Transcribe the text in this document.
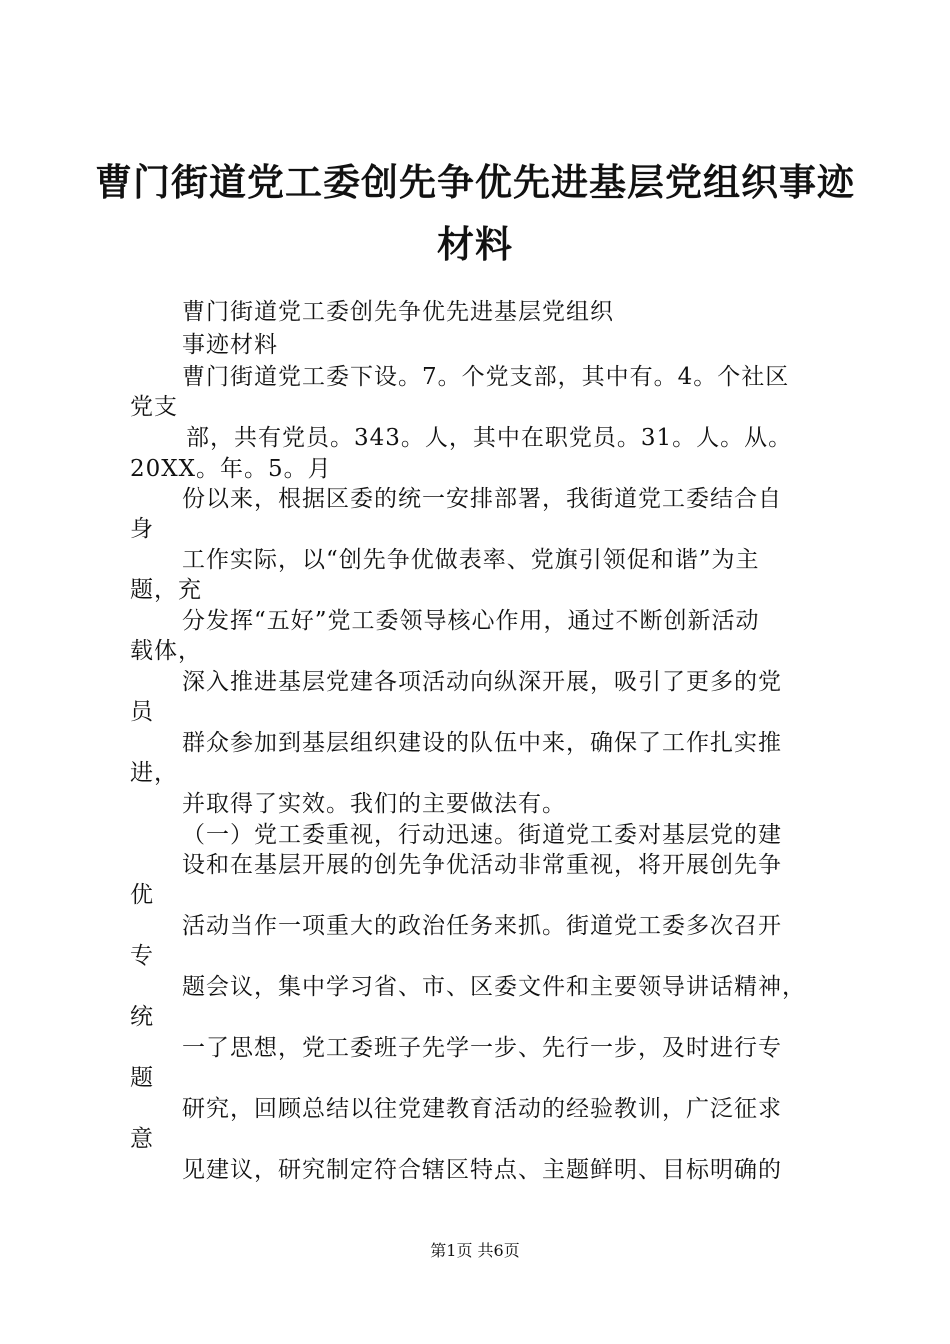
曹门街道党工委创先争优先进基层党组织事迹
材料
曹门街道党工委创先争优先进基层党组织
事迹材料
曹门街道党工委下设。7。个党支部，其中有。4。个社区
党支
部，共有党员。343。人，其中在职党员。31。人。从。
20XX。年。5。月
份以来，根据区委的统一安排部署，我街道党工委结合自
身
工作实际，以“创先争优做表率、党旗引领促和谐”为主
题，充
分发挥“五好”党工委领导核心作用，通过不断创新活动
载体，
深入推进基层党建各项活动向纵深开展，吸引了更多的党
员
群众参加到基层组织建设的队伍中来，确保了工作扎实推
进，
并取得了实效。我们的主要做法有。
（一）党工委重视，行动迅速。街道党工委对基层党的建
设和在基层开展的创先争优活动非常重视，将开展创先争
优
活动当作一项重大的政治任务来抓。街道党工委多次召开
专
题会议，集中学习省、市、区委文件和主要领导讲话精神，
统
一了思想，党工委班子先学一步、先行一步，及时进行专
题
研究，回顾总结以往党建教育活动的经验教训，广泛征求
意
见建议，研究制定符合辖区特点、主题鲜明、目标明确的
第1页 共6页
